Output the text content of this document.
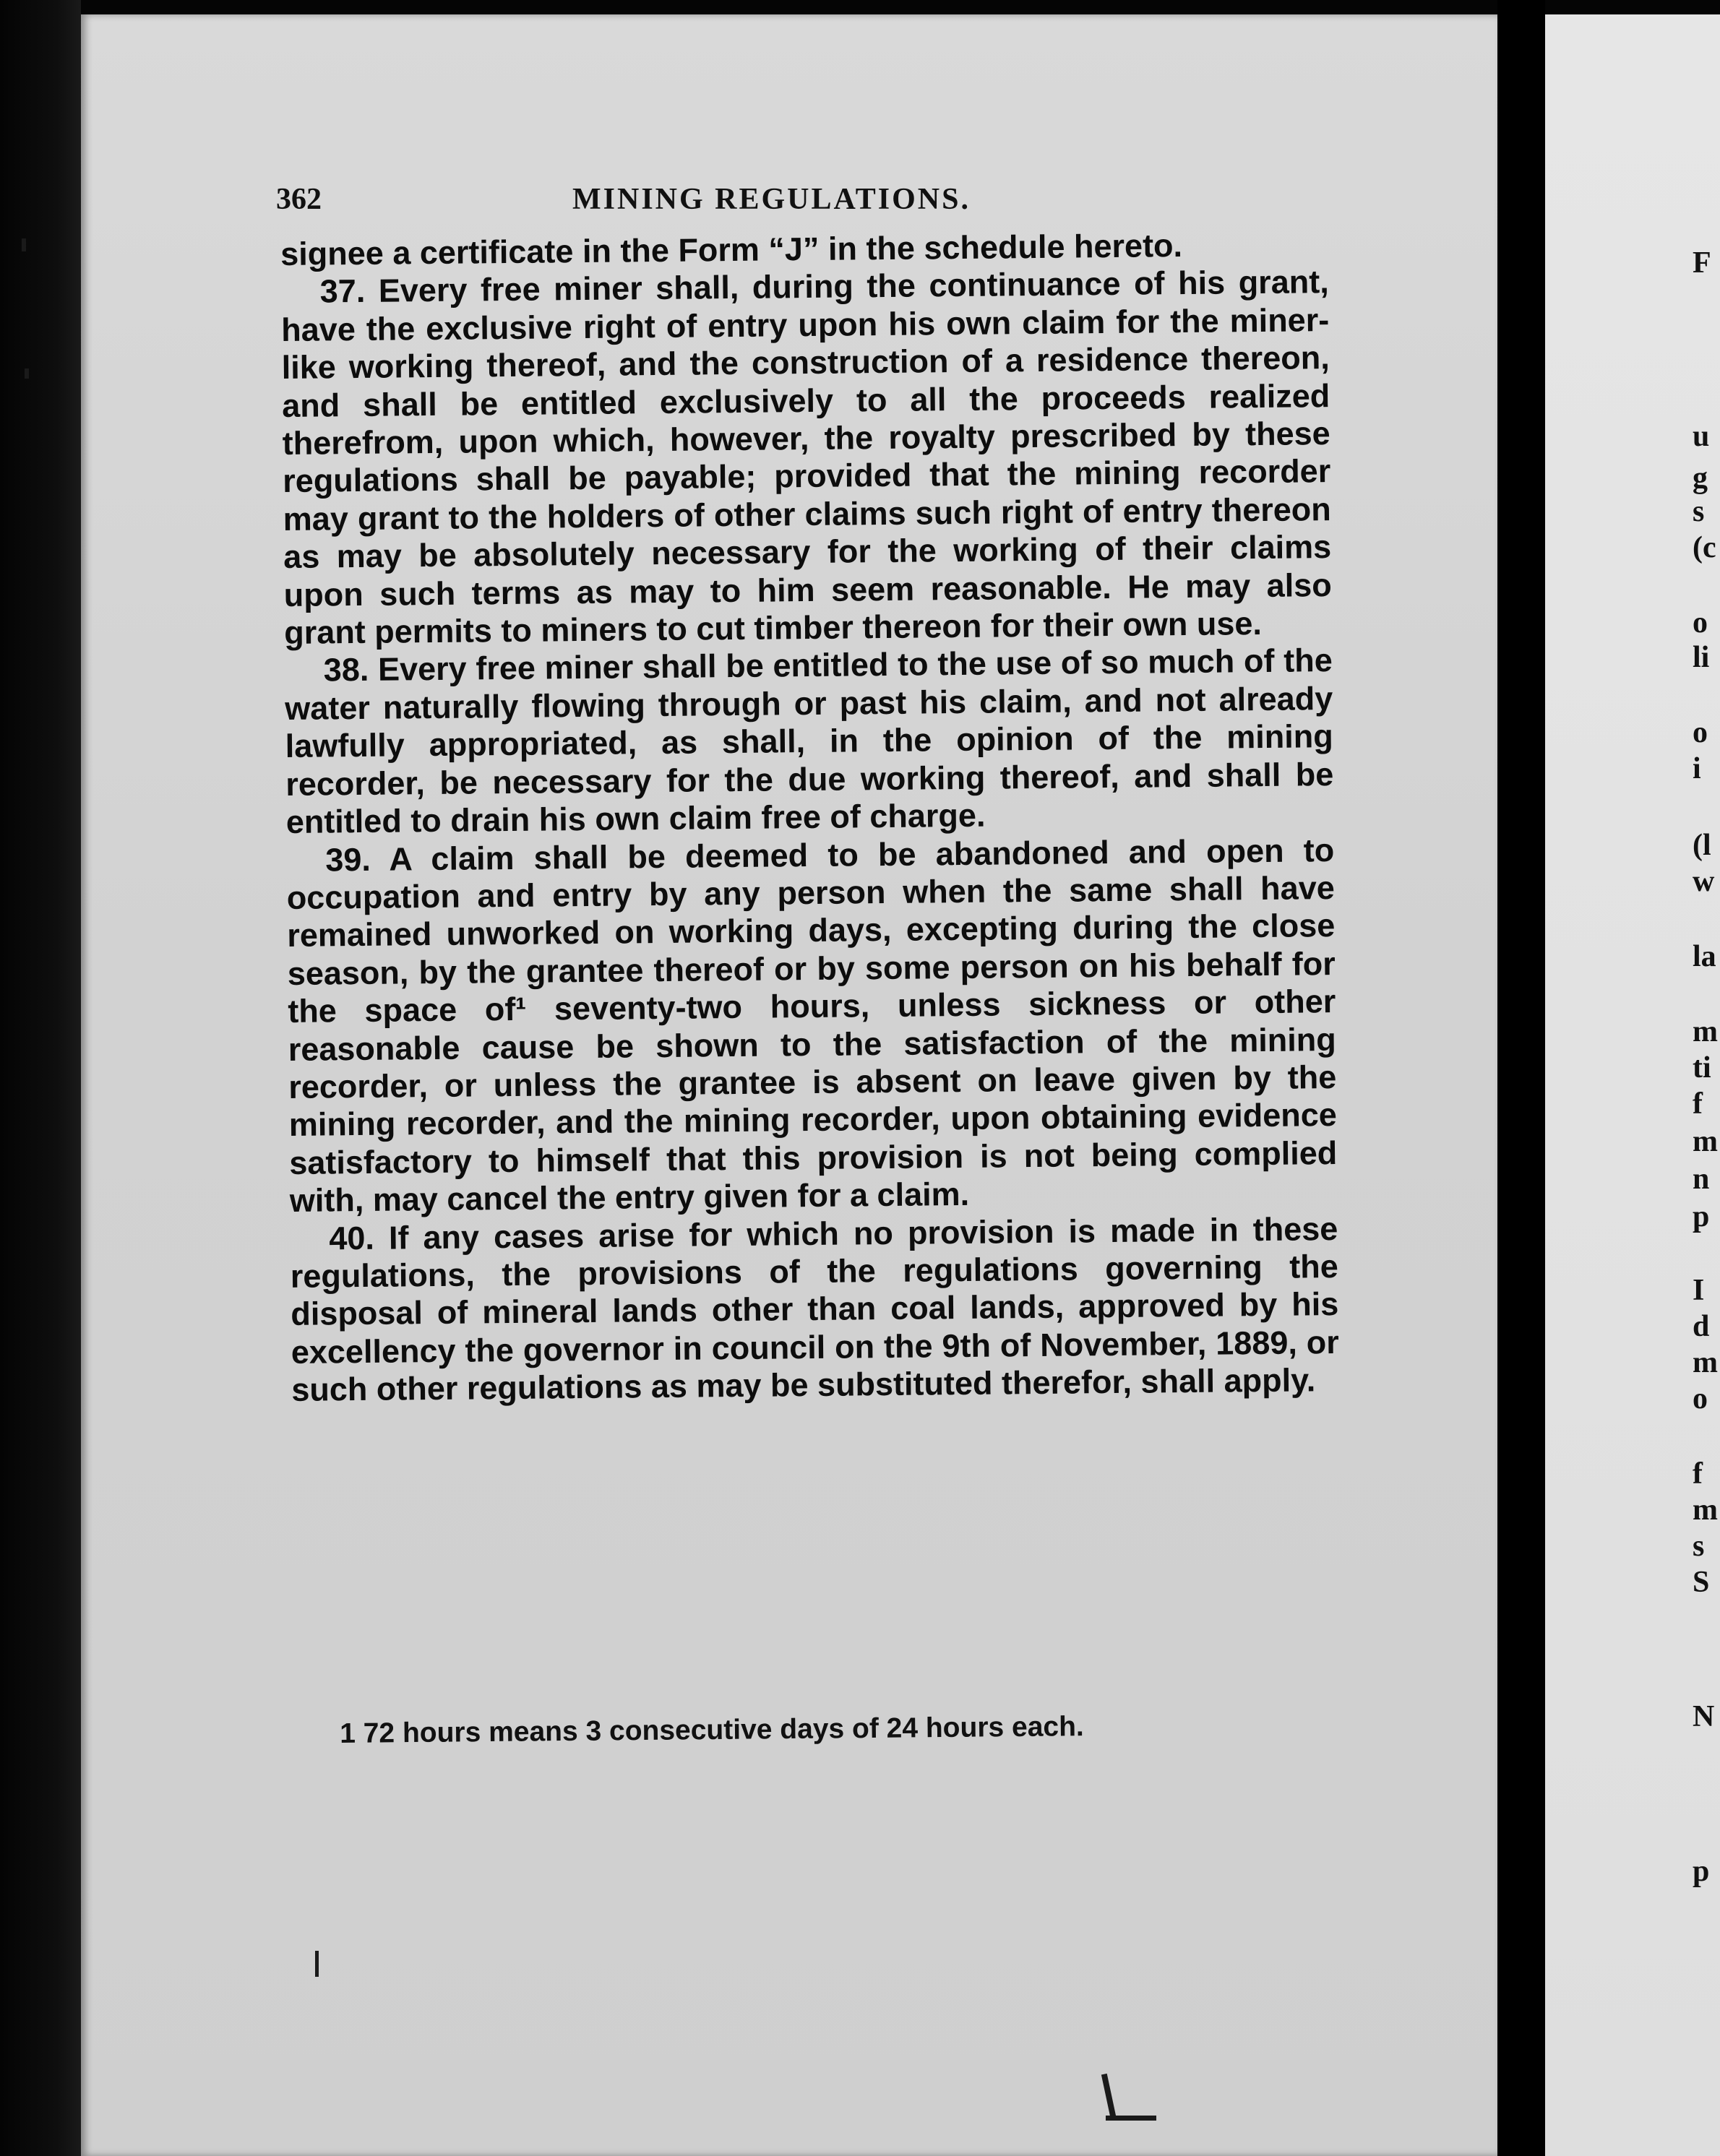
362	MINING REGULATIONS.

signee a certificate in the Form “J” in the schedule hereto.

37. Every free miner shall, during the continuance of his grant, have the exclusive right of entry upon his own claim for the miner-like working thereof, and the construction of a residence thereon, and shall be entitled exclusively to all the proceeds realized therefrom, upon which, however, the royalty prescribed by these regulations shall be payable; provided that the mining recorder may grant to the holders of other claims such right of entry thereon as may be absolutely necessary for the working of their claims upon such terms as may to him seem reasonable. He may also grant permits to miners to cut timber thereon for their own use.

38. Every free miner shall be entitled to the use of so much of the water naturally flowing through or past his claim, and not already lawfully appropriated, as shall, in the opinion of the mining recorder, be necessary for the due working thereof, and shall be entitled to drain his own claim free of charge.

39. A claim shall be deemed to be abandoned and open to occupation and entry by any person when the same shall have remained unworked on working days, excepting during the close season, by the grantee thereof or by some person on his behalf for the space of¹ seventy-two hours, unless sickness or other reasonable cause be shown to the satisfaction of the mining recorder, or unless the grantee is absent on leave given by the mining recorder, and the mining recorder, upon obtaining evidence satisfactory to himself that this provision is not being complied with, may cancel the entry given for a claim.

40. If any cases arise for which no provision is made in these regulations, the provisions of the regulations governing the disposal of mineral lands other than coal lands, approved by his excellency the governor in council on the 9th of November, 1889, or such other regulations as may be substituted therefor, shall apply.

1 72 hours means 3 consecutive days of 24 hours each.
F
u
g
s
(c
o
li
o
i
(l
w
la
m
ti
f
m
n
p
I
d
m
o
f
m
s
S
N
p
